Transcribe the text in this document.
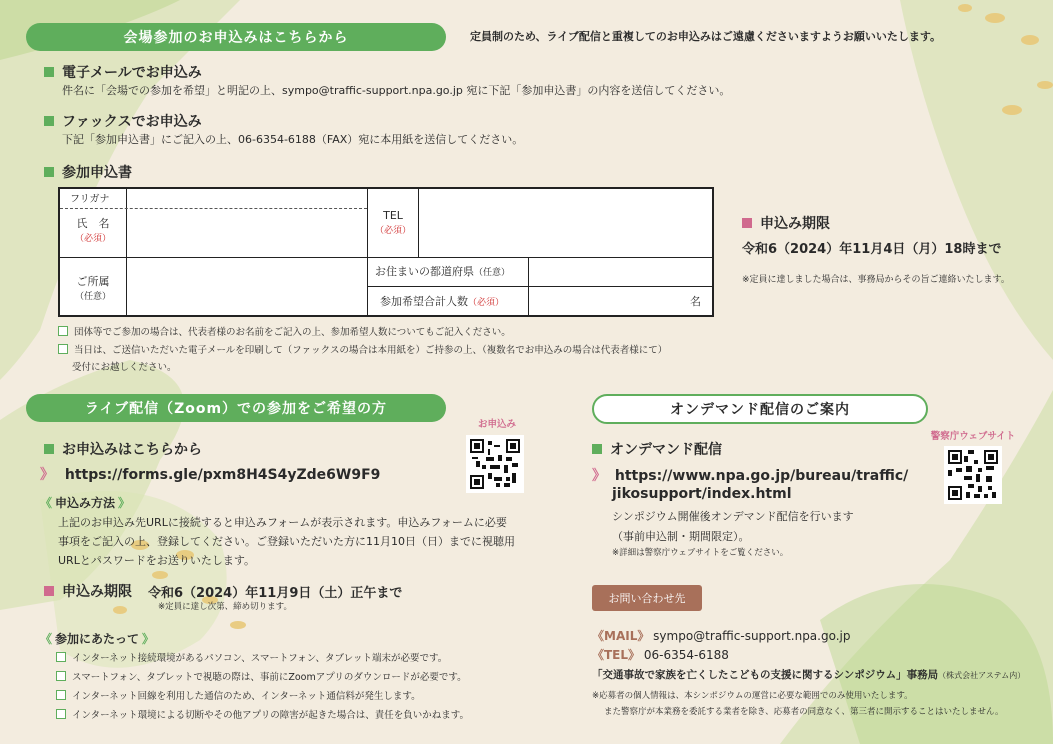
会場参加のお申込みはこちらから	定員制のため、ライブ配信と重複してのお申込みはご遠慮くださいますようお願いいたします。
電子メールでお申込み
件名に「会場での参加を希望」と明記の上、sympo@traffic-support.npa.go.jp 宛に下記「参加申込書」の内容を送信してください。
ファックスでお申込み
下記「参加申込書」にご記入の上、06-6354-6188（FAX）宛に本用紙を送信してください。
参加申込書
フリガナ
氏　名
（必須）
TEL
（必須）
ご所属
（任意）
お住まいの都道府県（任意）
参加希望合計人数（必須）	名
団体等でご参加の場合は、代表者様のお名前をご記入の上、参加希望人数についてもご記入ください。
当日は、ご送信いただいた電子メールを印刷して（ファックスの場合は本用紙を）ご持参の上、（複数名でお申込みの場合は代表者様にて）
受付にお越しください。
申込み期限
令和6（2024）年11月4日（月）18時まで
※定員に達しました場合は、事務局からその旨ご連絡いたします。
ライブ配信（Zoom）での参加をご希望の方
お申込み
お申込みはこちらから
》 https://forms.gle/pxm8H4S4yZde6W9F9
《 申込み方法 》
上記のお申込み先URLに接続すると申込みフォームが表示されます。申込みフォームに必要
事項をご記入の上、登録してください。ご登録いただいた方に11月10日（日）までに視聴用
URLとパスワードをお送りいたします。
申込み期限 令和6（2024）年11月9日（土）正午まで
※定員に達し次第、締め切ります。
《 参加にあたって 》
インターネット接続環境があるパソコン、スマートフォン、タブレット端末が必要です。
スマートフォン、タブレットで視聴の際は、事前にZoomアプリのダウンロードが必要です。
インターネット回線を利用した通信のため、インターネット通信料が発生します。
インターネット環境による切断やその他アプリの障害が起きた場合は、責任を負いかねます。
オンデマンド配信のご案内
警察庁ウェブサイト
オンデマンド配信
》 https://www.npa.go.jp/bureau/traffic/
jikosupport/index.html
シンポジウム開催後オンデマンド配信を行います
（事前申込制・期間限定）。
※詳細は警察庁ウェブサイトをご覧ください。
お問い合わせ先
《MAIL》 sympo@traffic-support.npa.go.jp
《TEL》 06-6354-6188
「交通事故で家族を亡くしたこどもの支援に関するシンポジウム」事務局（株式会社アステム内）
※応募者の個人情報は、本シンポジウムの運営に必要な範囲でのみ使用いたします。
また警察庁が本業務を委託する業者を除き、応募者の同意なく、第三者に開示することはいたしません。
